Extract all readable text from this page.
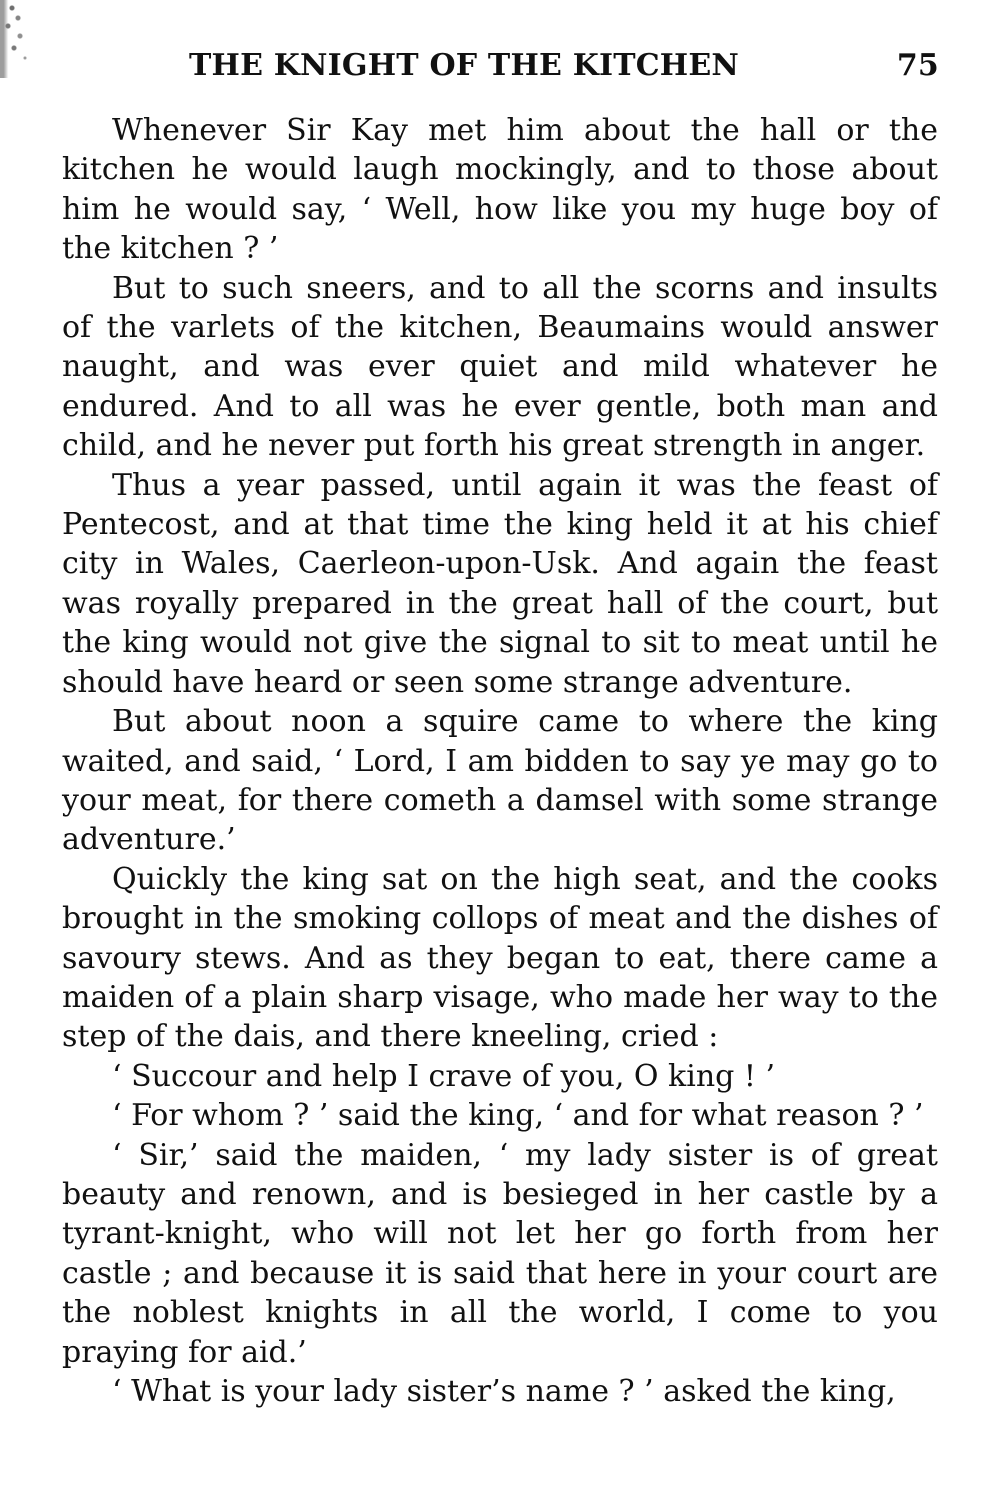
THE KNIGHT OF THE KITCHEN	75

Whenever Sir Kay met him about the hall or the kitchen he would laugh mockingly, and to those about him he would say, ‘ Well, how like you my huge boy of the kitchen ? ’

But to such sneers, and to all the scorns and insults of the varlets of the kitchen, Beaumains would answer naught, and was ever quiet and mild whatever he endured. And to all was he ever gentle, both man and child, and he never put forth his great strength in anger.

Thus a year passed, until again it was the feast of Pentecost, and at that time the king held it at his chief city in Wales, Caerleon-upon-Usk. And again the feast was royally prepared in the great hall of the court, but the king would not give the signal to sit to meat until he should have heard or seen some strange adventure.

But about noon a squire came to where the king waited, and said, ‘ Lord, I am bidden to say ye may go to your meat, for there cometh a damsel with some strange adventure.’

Quickly the king sat on the high seat, and the cooks brought in the smoking collops of meat and the dishes of savoury stews. And as they began to eat, there came a maiden of a plain sharp visage, who made her way to the step of the dais, and there kneeling, cried :

‘ Succour and help I crave of you, O king ! ’

‘ For whom ? ’ said the king, ‘ and for what reason ? ’

‘ Sir,’ said the maiden, ‘ my lady sister is of great beauty and renown, and is besieged in her castle by a tyrant-knight, who will not let her go forth from her castle ; and because it is said that here in your court are the noblest knights in all the world, I come to you praying for aid.’

‘ What is your lady sister’s name ? ’ asked the king,
